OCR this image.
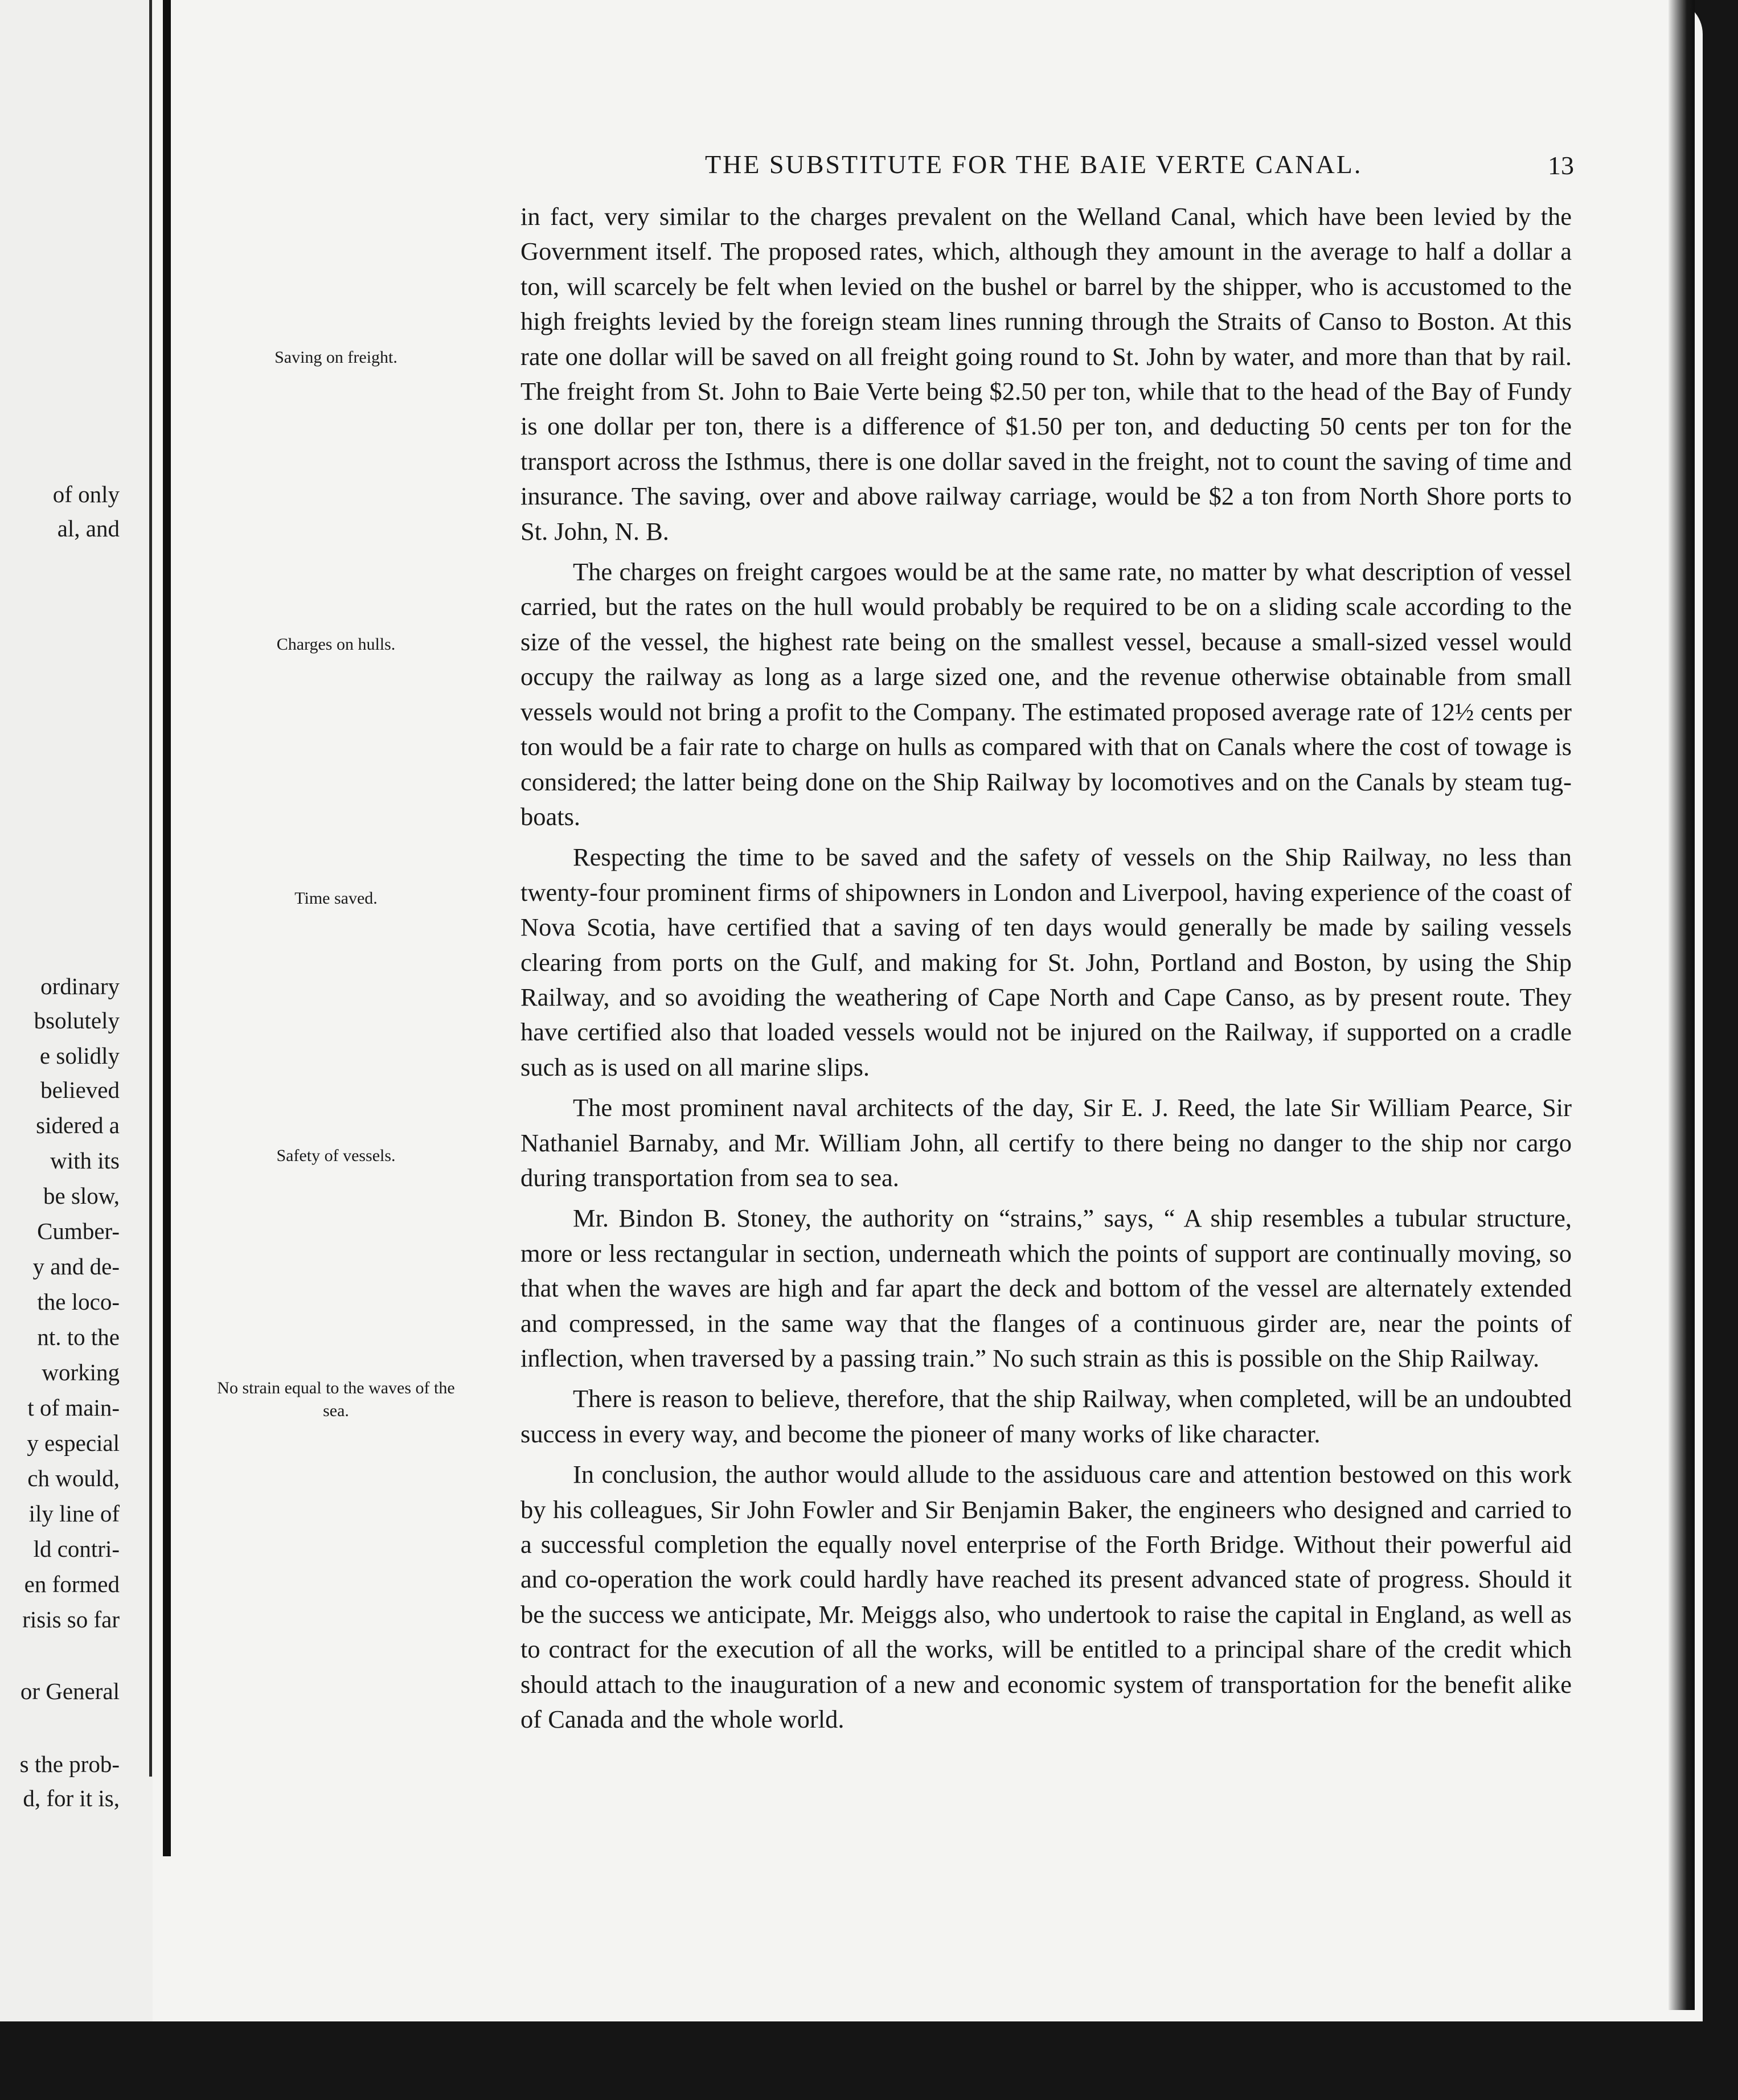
of only
al, and
ordinary
bsolutely
e solidly
believed
sidered a
with its
be slow,
Cumber-
y and de-
the loco-
nt. to the
working
t of main-
y especial
ch would,
ily line of
ld contri-
en formed
risis so far
or General
s the prob-
d, for it is,
THE SUBSTITUTE FOR THE BAIE VERTE CANAL.	13
Saving on freight.
Charges on hulls.
Time saved.
Safety of vessels.
No strain equal to the waves of the sea.

in fact, very similar to the charges prevalent on the Welland Canal, which have been levied by the Government itself. The proposed rates, which, although they amount in the average to half a dollar a ton, will scarcely be felt when levied on the bushel or barrel by the shipper, who is accustomed to the high freights levied by the foreign steam lines running through the Straits of Canso to Boston. At this rate one dollar will be saved on all freight going round to St. John by water, and more than that by rail. The freight from St. John to Baie Verte being $2.50 per ton, while that to the head of the Bay of Fundy is one dollar per ton, there is a difference of $1.50 per ton, and deducting 50 cents per ton for the transport across the Isthmus, there is one dollar saved in the freight, not to count the saving of time and insurance. The saving, over and above railway carriage, would be $2 a ton from North Shore ports to St. John, N. B.

The charges on freight cargoes would be at the same rate, no matter by what description of vessel carried, but the rates on the hull would probably be required to be on a sliding scale according to the size of the vessel, the highest rate being on the smallest vessel, because a small-sized vessel would occupy the railway as long as a large sized one, and the revenue otherwise obtainable from small vessels would not bring a profit to the Company. The estimated proposed average rate of 12½ cents per ton would be a fair rate to charge on hulls as compared with that on Canals where the cost of towage is considered; the latter being done on the Ship Railway by locomotives and on the Canals by steam tug-boats.

Respecting the time to be saved and the safety of vessels on the Ship Railway, no less than twenty-four prominent firms of shipowners in London and Liverpool, having experience of the coast of Nova Scotia, have certified that a saving of ten days would generally be made by sailing vessels clearing from ports on the Gulf, and making for St. John, Portland and Boston, by using the Ship Railway, and so avoiding the weathering of Cape North and Cape Canso, as by present route. They have certified also that loaded vessels would not be injured on the Railway, if supported on a cradle such as is used on all marine slips.

The most prominent naval architects of the day, Sir E. J. Reed, the late Sir William Pearce, Sir Nathaniel Barnaby, and Mr. William John, all certify to there being no danger to the ship nor cargo during transportation from sea to sea.

Mr. Bindon B. Stoney, the authority on “strains,” says, “ A ship resembles a tubular structure, more or less rectangular in section, underneath which the points of support are continually moving, so that when the waves are high and far apart the deck and bottom of the vessel are alternately extended and compressed, in the same way that the flanges of a continuous girder are, near the points of inflection, when traversed by a passing train.” No such strain as this is possible on the Ship Railway.

There is reason to believe, therefore, that the ship Railway, when completed, will be an undoubted success in every way, and become the pioneer of many works of like character.

In conclusion, the author would allude to the assiduous care and attention bestowed on this work by his colleagues, Sir John Fowler and Sir Benjamin Baker, the engineers who designed and carried to a successful completion the equally novel enterprise of the Forth Bridge. Without their powerful aid and co-operation the work could hardly have reached its present advanced state of progress. Should it be the success we anticipate, Mr. Meiggs also, who undertook to raise the capital in England, as well as to contract for the execution of all the works, will be entitled to a principal share of the credit which should attach to the inauguration of a new and economic system of transportation for the benefit alike of Canada and the whole world.
